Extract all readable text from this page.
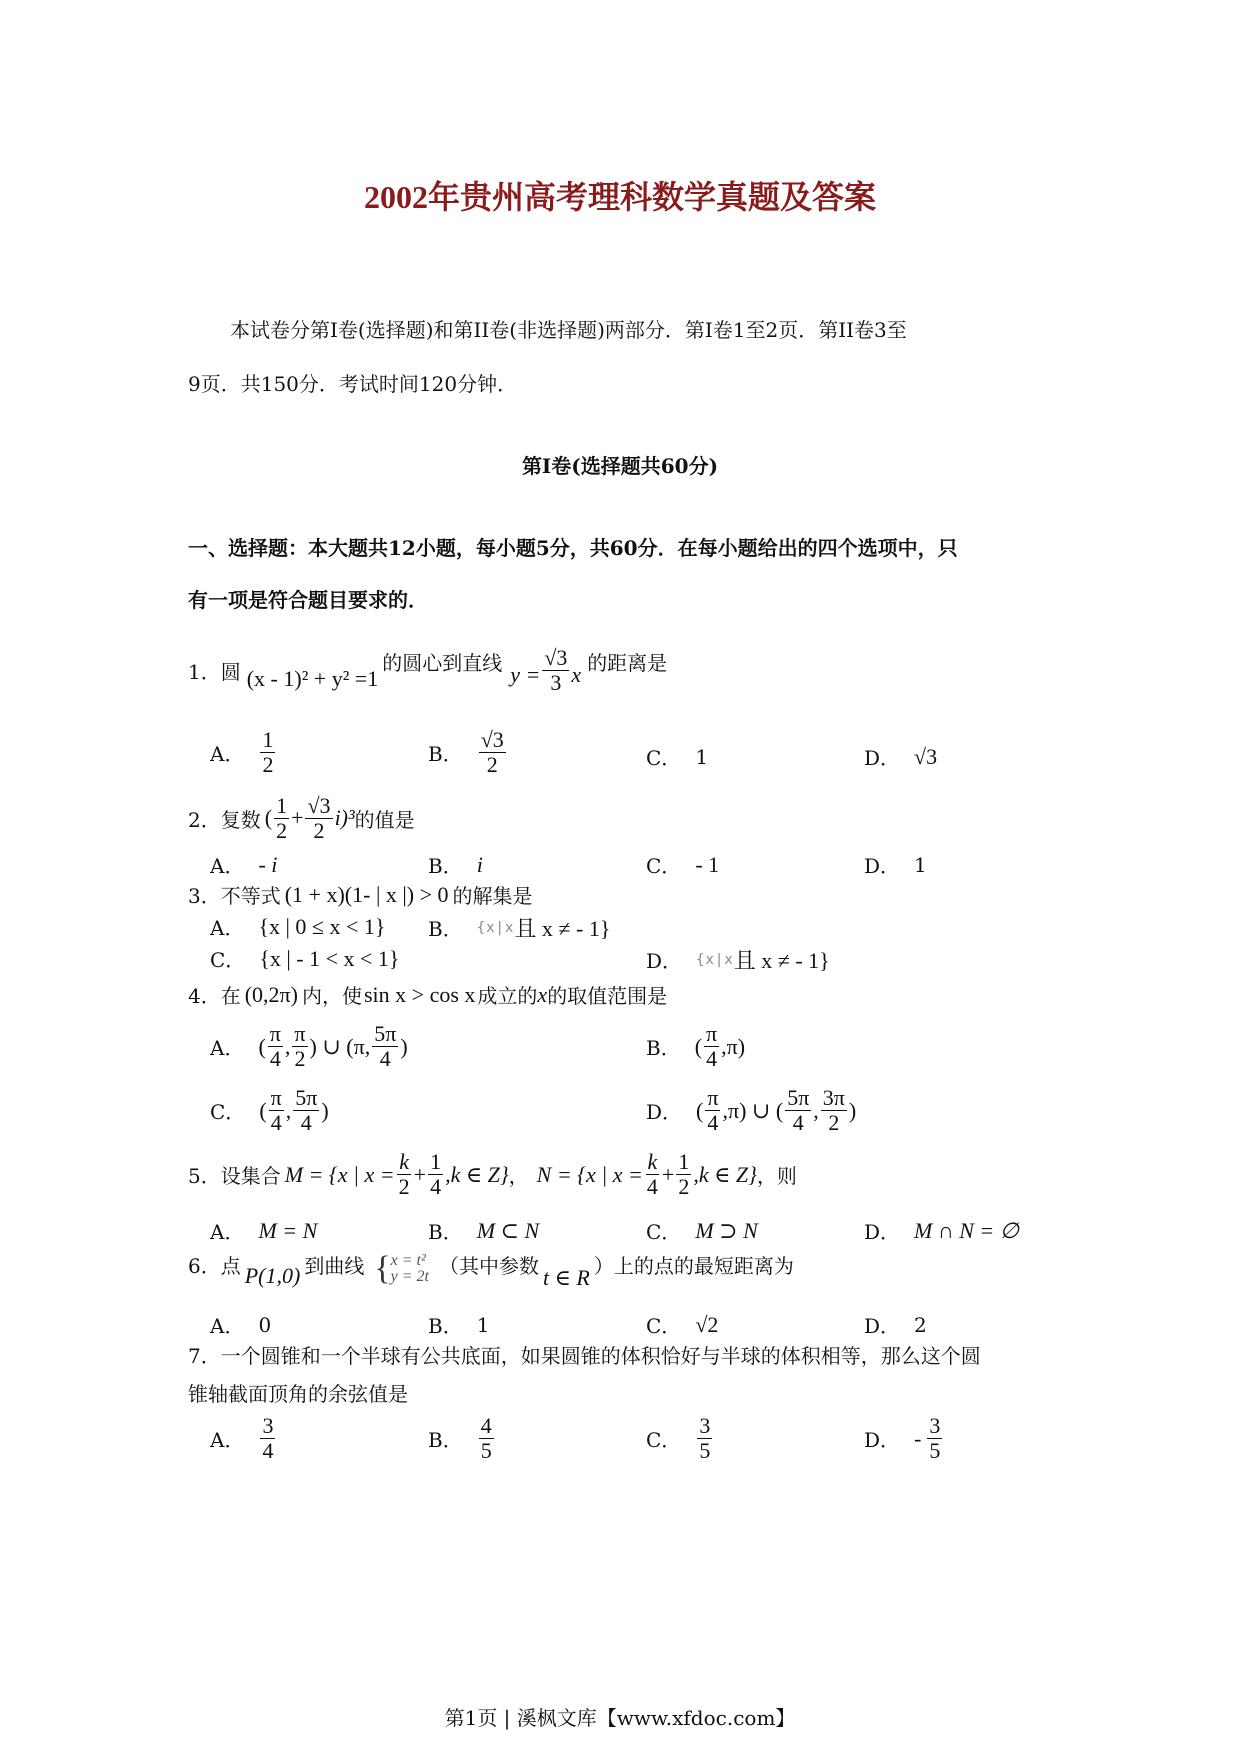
2002年贵州高考理科数学真题及答案
本试卷分第I卷(选择题)和第II卷(非选择题)两部分．第I卷1至2页．第II卷3至
9页．共150分．考试时间120分钟．
第I卷(选择题共60分)
一、选择题：本大题共12小题，每小题5分，共60分．在每小题给出的四个选项中，只
有一项是符合题目要求的．
1．圆 (x - 1)² + y² =1
的圆心到直线 $y = \frac{√3}{3}$ x 的距离是
A． $\frac{1}{2}$	B． $\frac{√3}{2}$	C． 1	D． √3
2．复数 ( $\frac{1}{2} + \frac{√3}{2} i)^3$ 的值是
A． - i	B． i	C． - 1	D． 1
3．不等式 (1 + x)(1- | x |) > 0 的解集是
A． {x | 0 ≤ x < 1} B． {x|x 且 x ≠ - 1}
C． {x | - 1 < x < 1}	D． {x|x 且 x ≠ - 1}
4．在 (0,2π) 内，使 sin x > cos x 成立的 x 的取值范围是
A． ( $\frac{\pi}{4}$ , $\frac{\pi}{2}$ ) ∪ (π, $\frac{5\pi}{4}$ )	B． ( $\frac{\pi}{4} ,\pi$)
C． ( $\frac{\pi}{4}$ , $\frac{5\pi}{4}$ )	D． ( $\frac{\pi}{4} ,\pi$) ∪ ( $\frac{5\pi}{4}$ , $\frac{3\pi}{2}$ )
5．设集合 M = {x | $x = \frac{k}{2} + \frac{1}{4} ,k$ ∈ Z} ， N = {x | $x = \frac{k}{4} + \frac{1}{2} ,k$ ∈ Z} ，则
A． M = N	B． M ⊂ N	C． M ⊃ N	D． M ∩ N = ∅
6．点 P(1,0) 到曲线 { x = t²
y = 2t （其中参数 t ∈ R ）上的点的最短距离为
A． 0	B． 1	C． √2	D． 2
7．一个圆锥和一个半球有公共底面，如果圆锥的体积恰好与半球的体积相等，那么这个圆
锥轴截面顶角的余弦值是
A． $\frac{3}{4}$	B． $\frac{4}{5}$	C． $\frac{3}{5}$	D． - $\frac{3}{5}$
第1页 | 溪枫文库【www.xfdoc.com】
